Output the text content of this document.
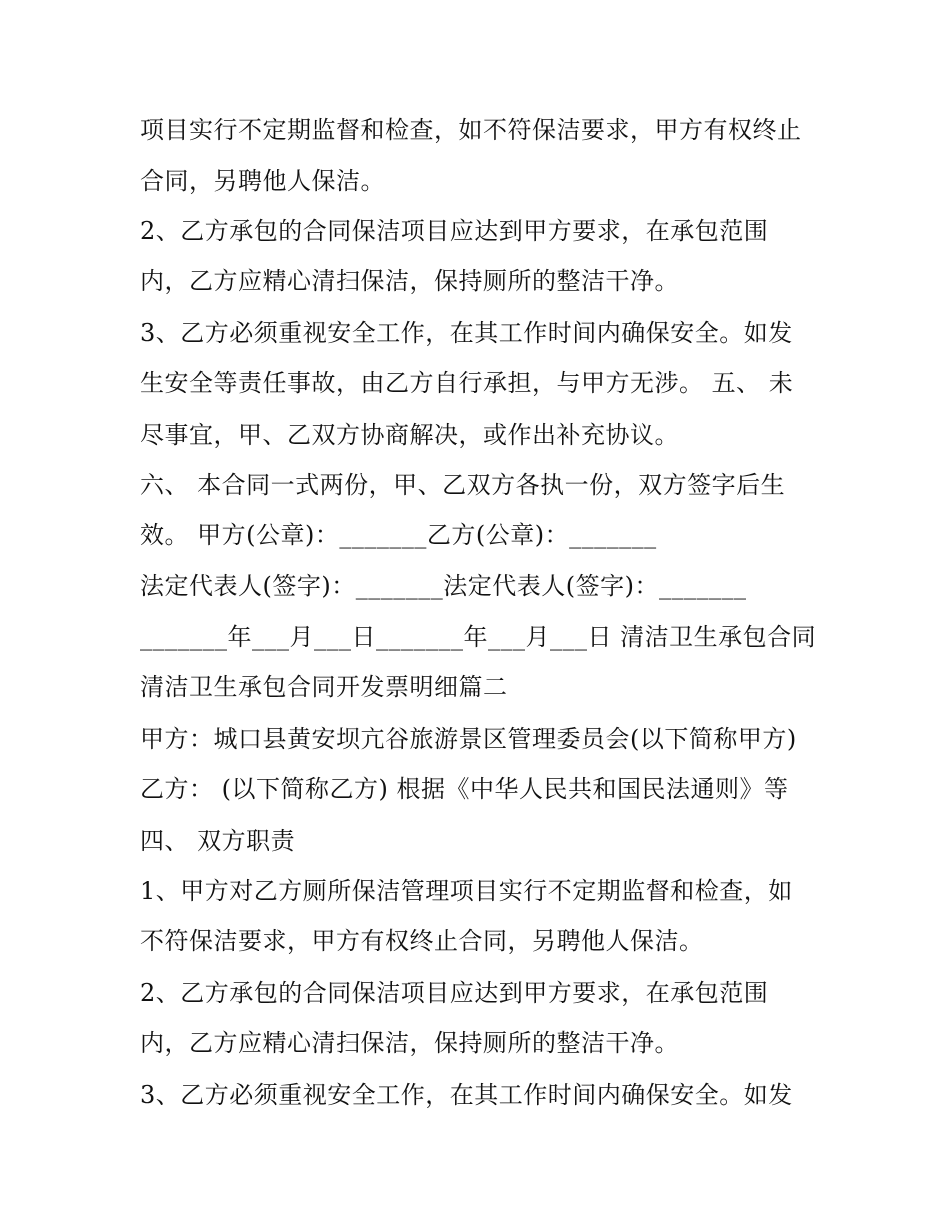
项目实行不定期监督和检查，如不符保洁要求，甲方有权终止
合同，另聘他人保洁。
2、乙方承包的合同保洁项目应达到甲方要求，在承包范围
内，乙方应精心清扫保洁，保持厕所的整洁干净。
3、乙方必须重视安全工作，在其工作时间内确保安全。如发
生安全等责任事故，由乙方自行承担，与甲方无涉。 五、 未
尽事宜，甲、乙双方协商解决，或作出补充协议。
六、 本合同一式两份，甲、乙双方各执一份，双方签字后生
效。 甲方(公章)：_______乙方(公章)：_______
法定代表人(签字)：_______法定代表人(签字)：_______
_______年___月___日_______年___月___日 清洁卫生承包合同
清洁卫生承包合同开发票明细篇二
甲方：城口县黄安坝亢谷旅游景区管理委员会(以下简称甲方)
乙方： (以下简称乙方) 根据《中华人民共和国民法通则》等
四、 双方职责
1、甲方对乙方厕所保洁管理项目实行不定期监督和检查，如
不符保洁要求，甲方有权终止合同，另聘他人保洁。
2、乙方承包的合同保洁项目应达到甲方要求，在承包范围
内，乙方应精心清扫保洁，保持厕所的整洁干净。
3、乙方必须重视安全工作，在其工作时间内确保安全。如发
